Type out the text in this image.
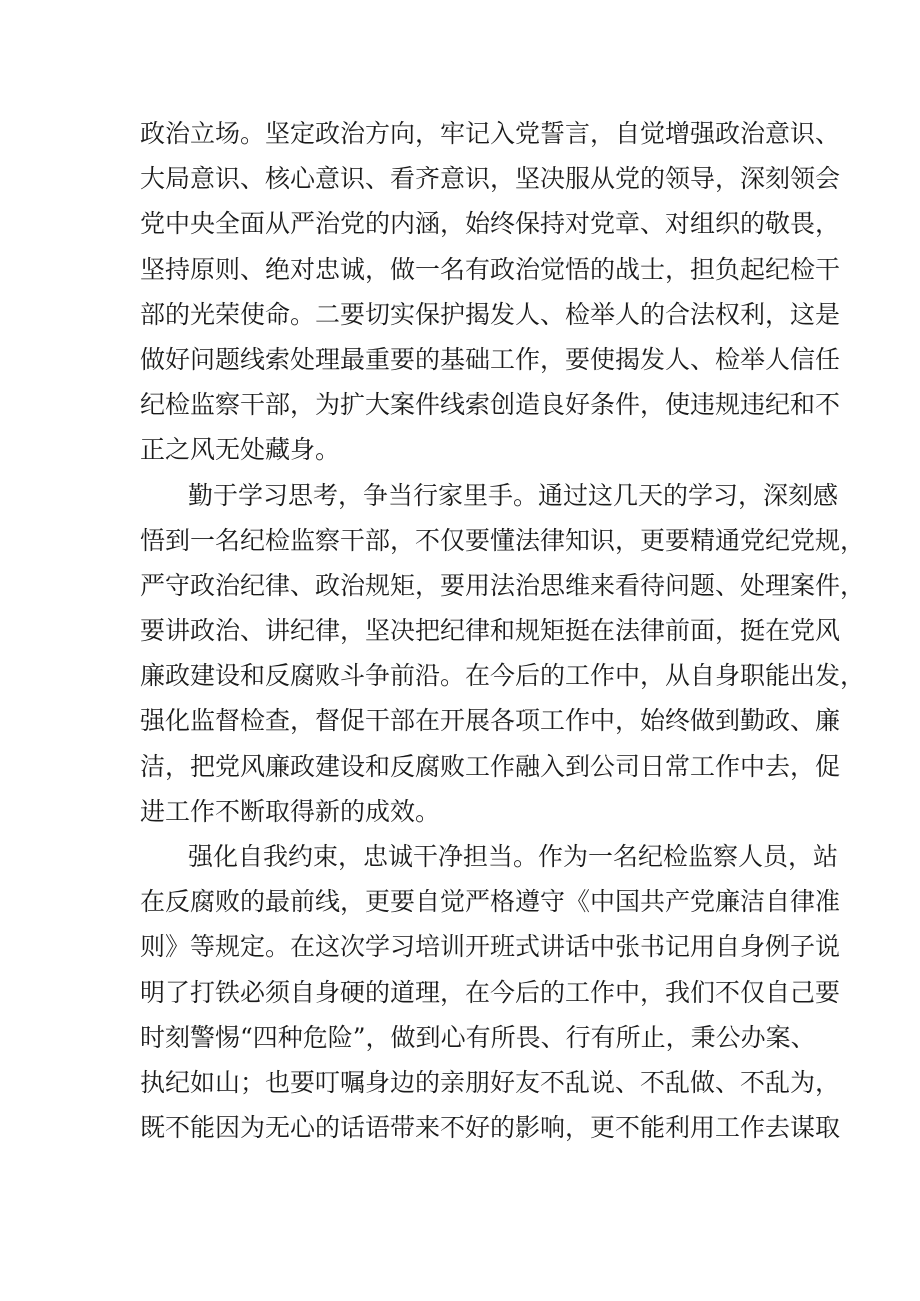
政治立场。坚定政治方向，牢记入党誓言，自觉增强政治意识、
大局意识、核心意识、看齐意识，坚决服从党的领导，深刻领会
党中央全面从严治党的内涵，始终保持对党章、对组织的敬畏，
坚持原则、绝对忠诚，做一名有政治觉悟的战士，担负起纪检干
部的光荣使命。二要切实保护揭发人、检举人的合法权利，这是
做好问题线索处理最重要的基础工作，要使揭发人、检举人信任
纪检监察干部，为扩大案件线索创造良好条件，使违规违纪和不
正之风无处藏身。
勤于学习思考，争当行家里手。通过这几天的学习，深刻感
悟到一名纪检监察干部，不仅要懂法律知识，更要精通党纪党规，
严守政治纪律、政治规矩，要用法治思维来看待问题、处理案件，
要讲政治、讲纪律，坚决把纪律和规矩挺在法律前面，挺在党风
廉政建设和反腐败斗争前沿。在今后的工作中，从自身职能出发，
强化监督检查，督促干部在开展各项工作中，始终做到勤政、廉
洁，把党风廉政建设和反腐败工作融入到公司日常工作中去，促
进工作不断取得新的成效。
强化自我约束，忠诚干净担当。作为一名纪检监察人员，站
在反腐败的最前线，更要自觉严格遵守《中国共产党廉洁自律准
则》等规定。在这次学习培训开班式讲话中张书记用自身例子说
明了打铁必须自身硬的道理，在今后的工作中，我们不仅自己要
时刻警惕“四种危险”，做到心有所畏、行有所止，秉公办案、
执纪如山；也要叮嘱身边的亲朋好友不乱说、不乱做、不乱为，
既不能因为无心的话语带来不好的影响，更不能利用工作去谋取
